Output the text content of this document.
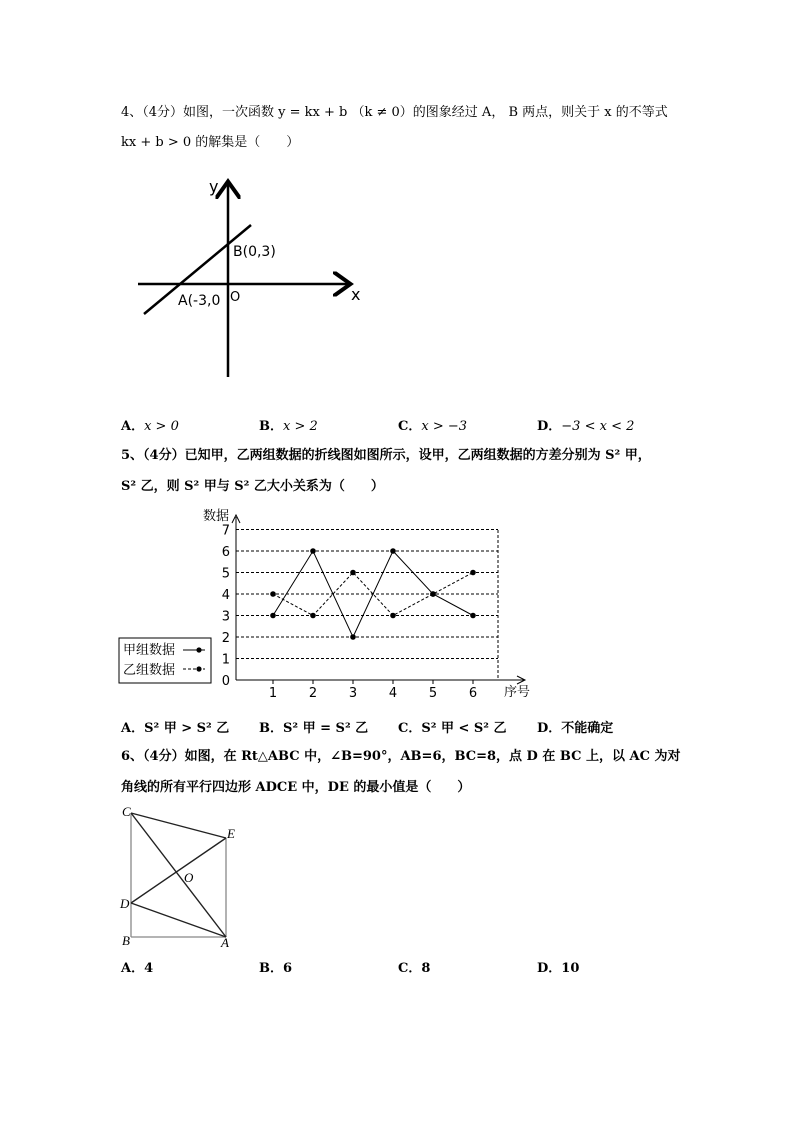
4、（4分）如图，一次函数 y = kx + b （k ≠ 0）的图象经过 A， B 两点，则关于 x 的不等式
kx + b > 0 的解集是（　　）
y
x
O
B(0,3)
A(-3,0
A．x > 0	B．x > 2	C．x > −3	D．−3 < x < 2
5、（4分）已知甲，乙两组数据的折线图如图所示，设甲，乙两组数据的方差分别为 S² 甲，
S² 乙，则 S² 甲与 S² 乙大小关系为（　　）
数据
序号
0
1
2
3
4
5
6
7
1 2 3 4 5 6
甲组数据
乙组数据
A．S² 甲 > S² 乙 B．S² 甲 = S² 乙 C．S² 甲 < S² 乙 D．不能确定
6、（4分）如图，在 Rt△ABC 中，∠B=90°，AB=6，BC=8，点 D 在 BC 上，以 AC 为对
角线的所有平行四边形 ADCE 中，DE 的最小值是（　　）
C
E
O
D
B	A
A．4	B．6	C．8	D．10
